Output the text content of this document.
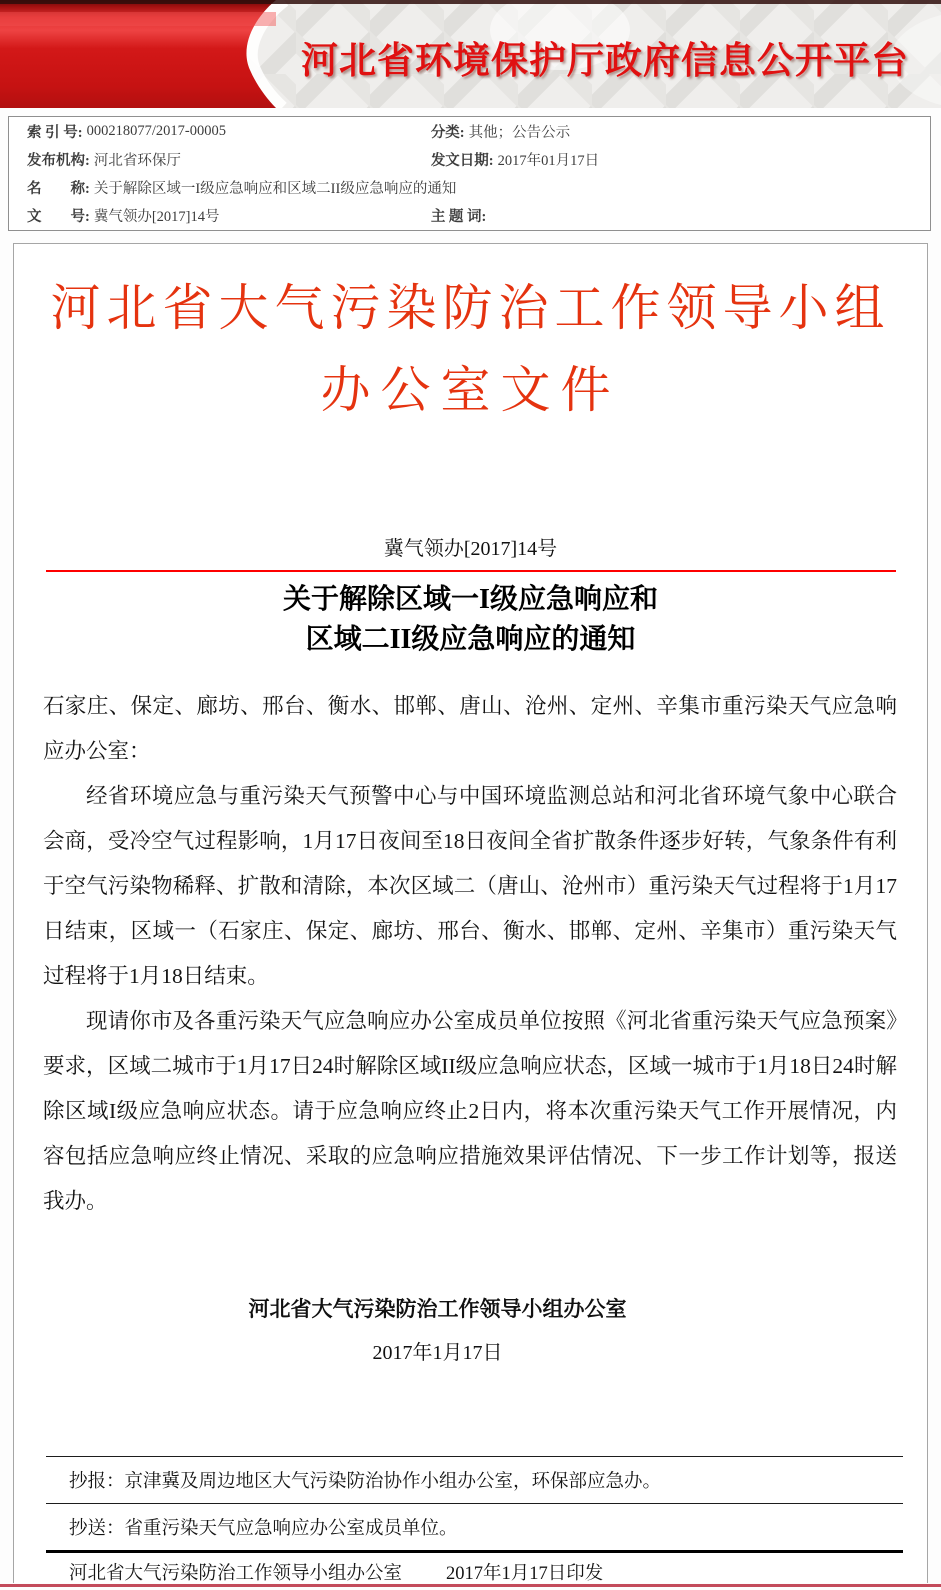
河北省环境保护厅政府信息公开平台
索 引 号: 000218077/2017-00005	分类: 其他；公告公示
发布机构: 河北省环保厅	发文日期: 2017年01月17日
名　　称: 关于解除区域一I级应急响应和区域二II级应急响应的通知
文　　号: 冀气领办[2017]14号	主 题 词:
河北省大气污染防治工作领导小组
办公室文件
冀气领办[2017]14号
关于解除区域一I级应急响应和
区域二II级应急响应的通知

石家庄、保定、廊坊、邢台、衡水、邯郸、唐山、沧州、定州、辛集市重污染天气应急响应办公室：

经省环境应急与重污染天气预警中心与中国环境监测总站和河北省环境气象中心联合会商，受冷空气过程影响，1月17日夜间至18日夜间全省扩散条件逐步好转，气象条件有利于空气污染物稀释、扩散和清除，本次区域二（唐山、沧州市）重污染天气过程将于1月17日结束，区域一（石家庄、保定、廊坊、邢台、衡水、邯郸、定州、辛集市）重污染天气过程将于1月18日结束。

现请你市及各重污染天气应急响应办公室成员单位按照《河北省重污染天气应急预案》要求，区域二城市于1月17日24时解除区域II级应急响应状态，区域一城市于1月18日24时解除区域I级应急响应状态。请于应急响应终止2日内，将本次重污染天气工作开展情况，内容包括应急响应终止情况、采取的应急响应措施效果评估情况、下一步工作计划等，报送我办。

河北省大气污染防治工作领导小组办公室
2017年1月17日
抄报： 京津冀及周边地区大气污染防治协作小组办公室，环保部应急办。
抄送： 省重污染天气应急响应办公室成员单位。
河北省大气污染防治工作领导小组办公室 2017年1月17日印发
